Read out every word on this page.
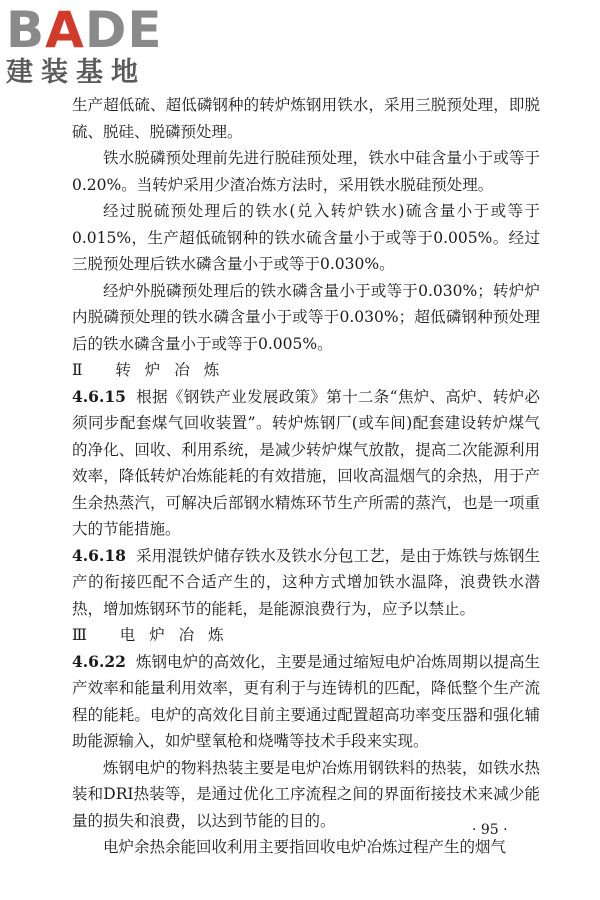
BADE
建装基地

生产超低硫、超低磷钢种的转炉炼钢用铁水，采用三脱预处理，即脱硫、脱硅、脱磷预处理。

铁水脱磷预处理前先进行脱硅预处理，铁水中硅含量小于或等于0.20%。当转炉采用少渣冶炼方法时，采用铁水脱硅预处理。

经过脱硫预处理后的铁水(兑入转炉铁水)硫含量小于或等于0.015%，生产超低硫钢种的铁水硫含量小于或等于0.005%。经过三脱预处理后铁水磷含量小于或等于0.030%。

经炉外脱磷预处理后的铁水磷含量小于或等于0.030%；转炉炉内脱磷预处理的铁水磷含量小于或等于0.030%；超低磷钢种预处理后的铁水磷含量小于或等于0.005%。

Ⅱ 转炉冶炼

4.6.15 根据《钢铁产业发展政策》第十二条“焦炉、高炉、转炉必须同步配套煤气回收装置”。转炉炼钢厂(或车间)配套建设转炉煤气的净化、回收、利用系统，是减少转炉煤气放散，提高二次能源利用效率，降低转炉冶炼能耗的有效措施，回收高温烟气的余热，用于产生余热蒸汽，可解决后部钢水精炼环节生产所需的蒸汽，也是一项重大的节能措施。

4.6.18 采用混铁炉储存铁水及铁水分包工艺，是由于炼铁与炼钢生产的衔接匹配不合适产生的，这种方式增加铁水温降，浪费铁水潜热，增加炼钢环节的能耗，是能源浪费行为，应予以禁止。

Ⅲ 电炉冶炼

4.6.22 炼钢电炉的高效化，主要是通过缩短电炉冶炼周期以提高生产效率和能量利用效率，更有利于与连铸机的匹配，降低整个生产流程的能耗。电炉的高效化目前主要通过配置超高功率变压器和强化辅助能源输入，如炉壁氧枪和烧嘴等技术手段来实现。

炼钢电炉的物料热装主要是电炉冶炼用钢铁料的热装，如铁水热装和DRI热装等，是通过优化工序流程之间的界面衔接技术来减少能量的损失和浪费，以达到节能的目的。

电炉余热余能回收利用主要指回收电炉冶炼过程产生的烟气

· 95 ·
